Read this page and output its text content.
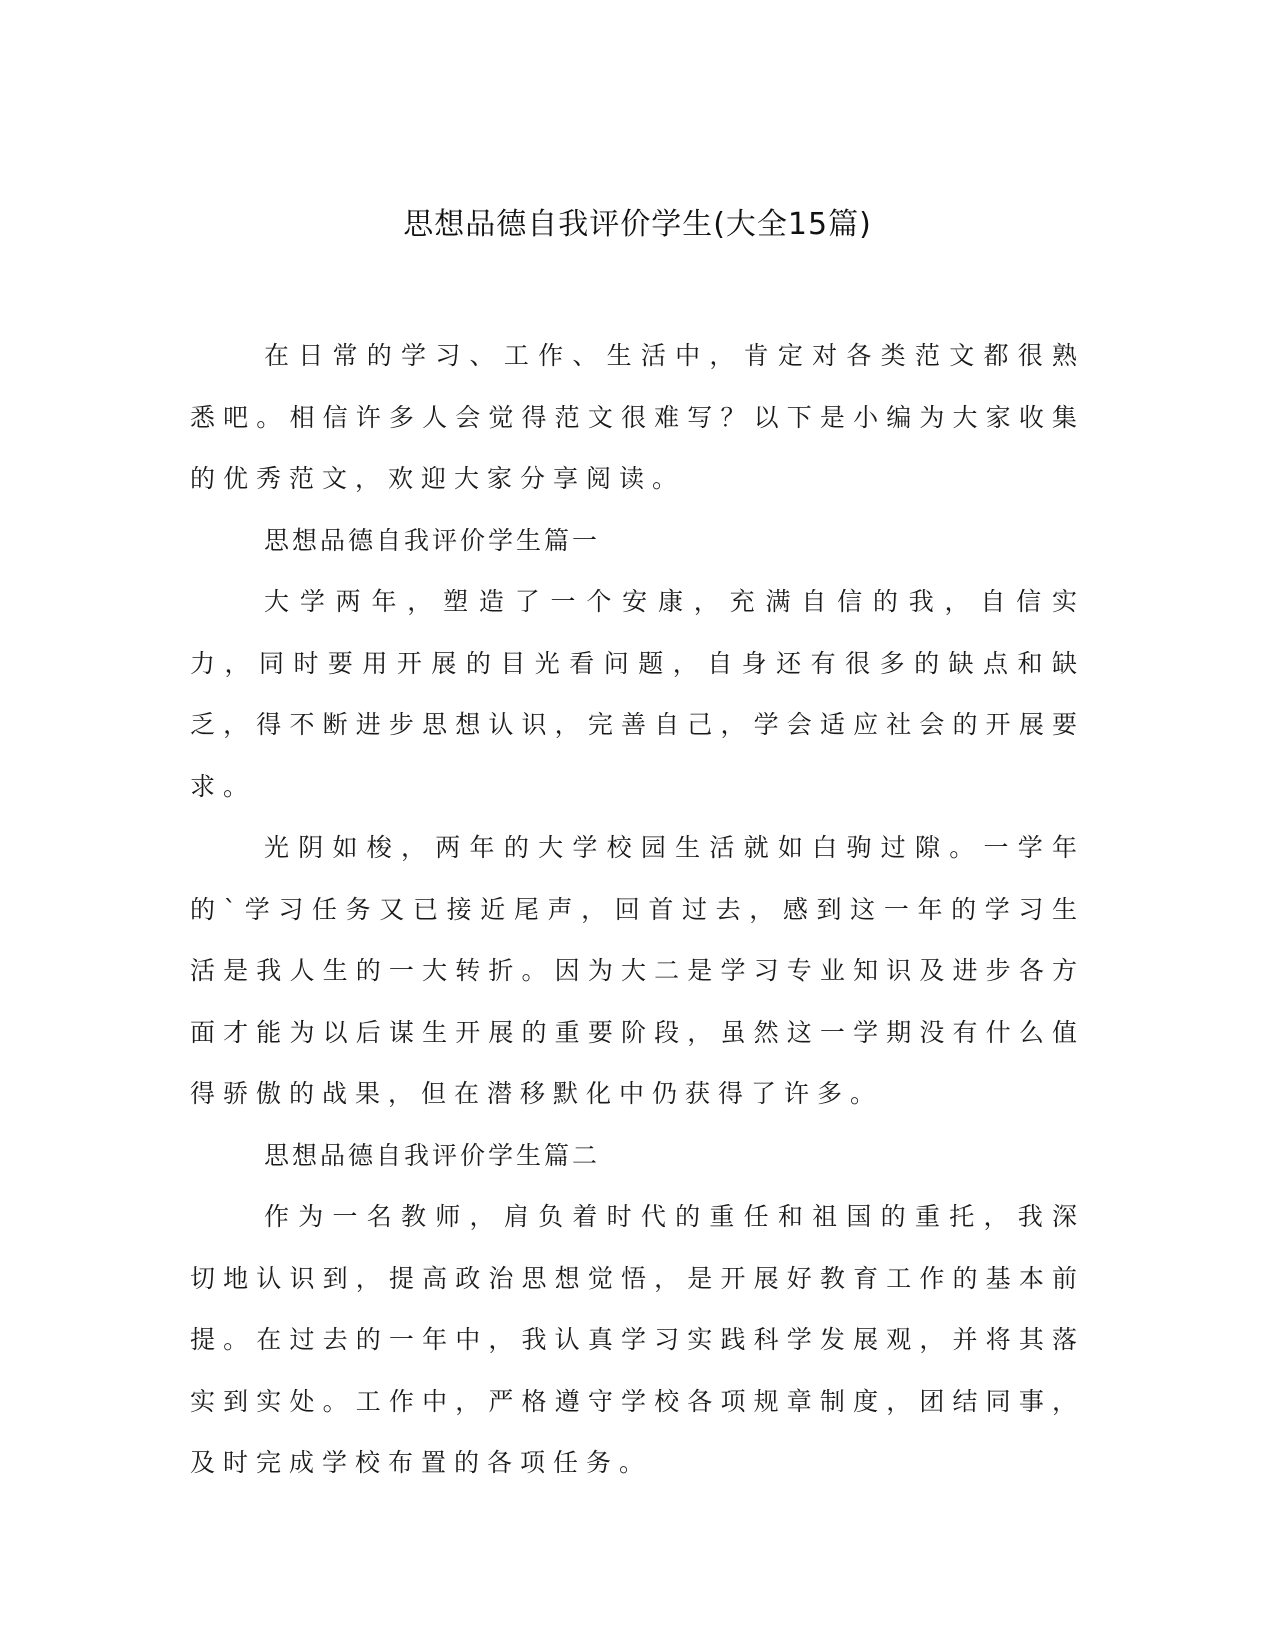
思想品德自我评价学生(大全15篇)

在日常的学习、工作、生活中，肯定对各类范文都很熟悉吧。相信许多人会觉得范文很难写？以下是小编为大家收集的优秀范文，欢迎大家分享阅读。

思想品德自我评价学生篇一

大学两年，塑造了一个安康，充满自信的我，自信实力，同时要用开展的目光看问题，自身还有很多的缺点和缺乏，得不断进步思想认识，完善自己，学会适应社会的开展要求。

光阴如梭，两年的大学校园生活就如白驹过隙。一学年的`学习任务又已接近尾声，回首过去，感到这一年的学习生活是我人生的一大转折。因为大二是学习专业知识及进步各方面才能为以后谋生开展的重要阶段，虽然这一学期没有什么值得骄傲的战果，但在潜移默化中仍获得了许多。

思想品德自我评价学生篇二

作为一名教师，肩负着时代的重任和祖国的重托，我深切地认识到，提高政治思想觉悟，是开展好教育工作的基本前提。在过去的一年中，我认真学习实践科学发展观，并将其落实到实处。工作中，严格遵守学校各项规章制度，团结同事，及时完成学校布置的各项任务。
